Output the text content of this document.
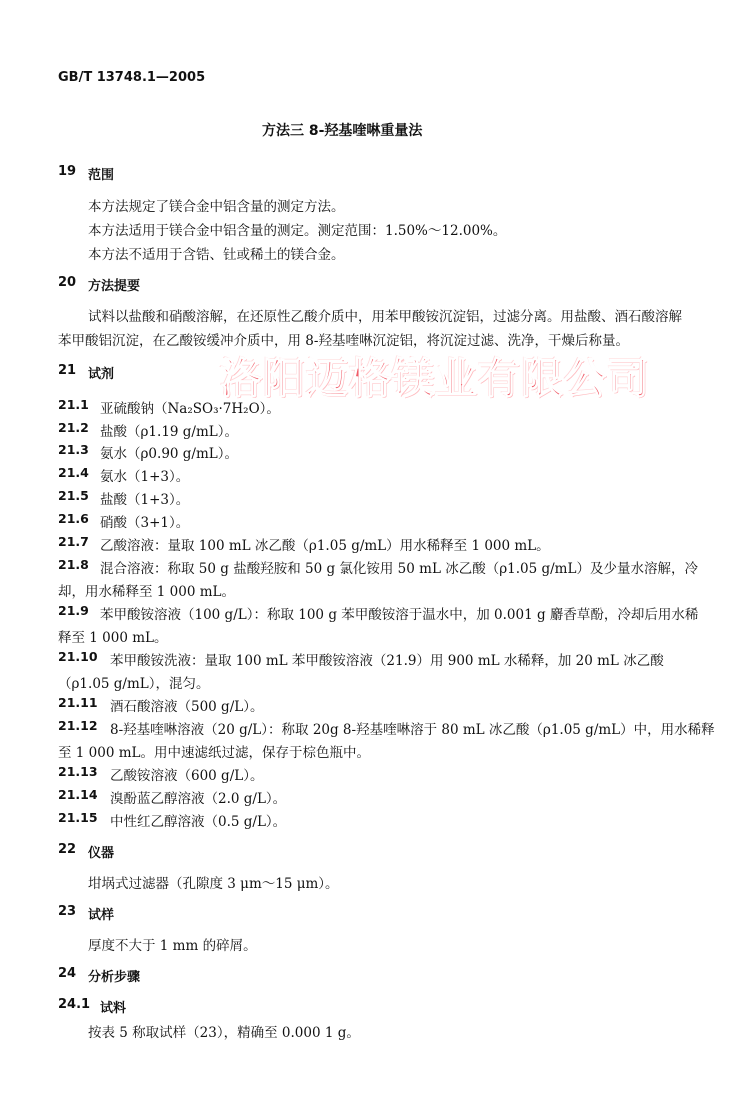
GB/T 13748.1—2005
方法三 8-羟基喹啉重量法
19 范围
本方法规定了镁合金中铝含量的测定方法。
本方法适用于镁合金中铝含量的测定。测定范围：1.50%～12.00%。
本方法不适用于含锆、钍或稀土的镁合金。
20 方法提要
试料以盐酸和硝酸溶解，在还原性乙酸介质中，用苯甲酸铵沉淀铝，过滤分离。用盐酸、酒石酸溶解
苯甲酸铝沉淀，在乙酸铵缓冲介质中，用 8-羟基喹啉沉淀铝，将沉淀过滤、洗净，干燥后称量。
21 试剂	洛阳迈格镁业有限公司
21.1 亚硫酸钠（Na₂SO₃·7H₂O）。
21.2 盐酸（ρ1.19 g/mL）。
21.3 氨水（ρ0.90 g/mL）。
21.4 氨水（1+3）。
21.5 盐酸（1+3）。
21.6 硝酸（3+1）。
21.7 乙酸溶液：量取 100 mL 冰乙酸（ρ1.05 g/mL）用水稀释至 1 000 mL。
21.8 混合溶液：称取 50 g 盐酸羟胺和 50 g 氯化铵用 50 mL 冰乙酸（ρ1.05 g/mL）及少量水溶解，冷
却，用水稀释至 1 000 mL。
21.9 苯甲酸铵溶液（100 g/L）：称取 100 g 苯甲酸铵溶于温水中，加 0.001 g 麝香草酚，冷却后用水稀
释至 1 000 mL。
21.10 苯甲酸铵洗液：量取 100 mL 苯甲酸铵溶液（21.9）用 900 mL 水稀释，加 20 mL 冰乙酸
（ρ1.05 g/mL），混匀。
21.11 酒石酸溶液（500 g/L）。
21.12 8-羟基喹啉溶液（20 g/L）：称取 20g 8-羟基喹啉溶于 80 mL 冰乙酸（ρ1.05 g/mL）中，用水稀释
至 1 000 mL。用中速滤纸过滤，保存于棕色瓶中。
21.13 乙酸铵溶液（600 g/L）。
21.14 溴酚蓝乙醇溶液（2.0 g/L）。
21.15 中性红乙醇溶液（0.5 g/L）。
22 仪器
坩埚式过滤器（孔隙度 3 μm～15 μm）。
23 试样
厚度不大于 1 mm 的碎屑。
24 分析步骤
24.1 试料
按表 5 称取试样（23），精确至 0.000 1 g。
